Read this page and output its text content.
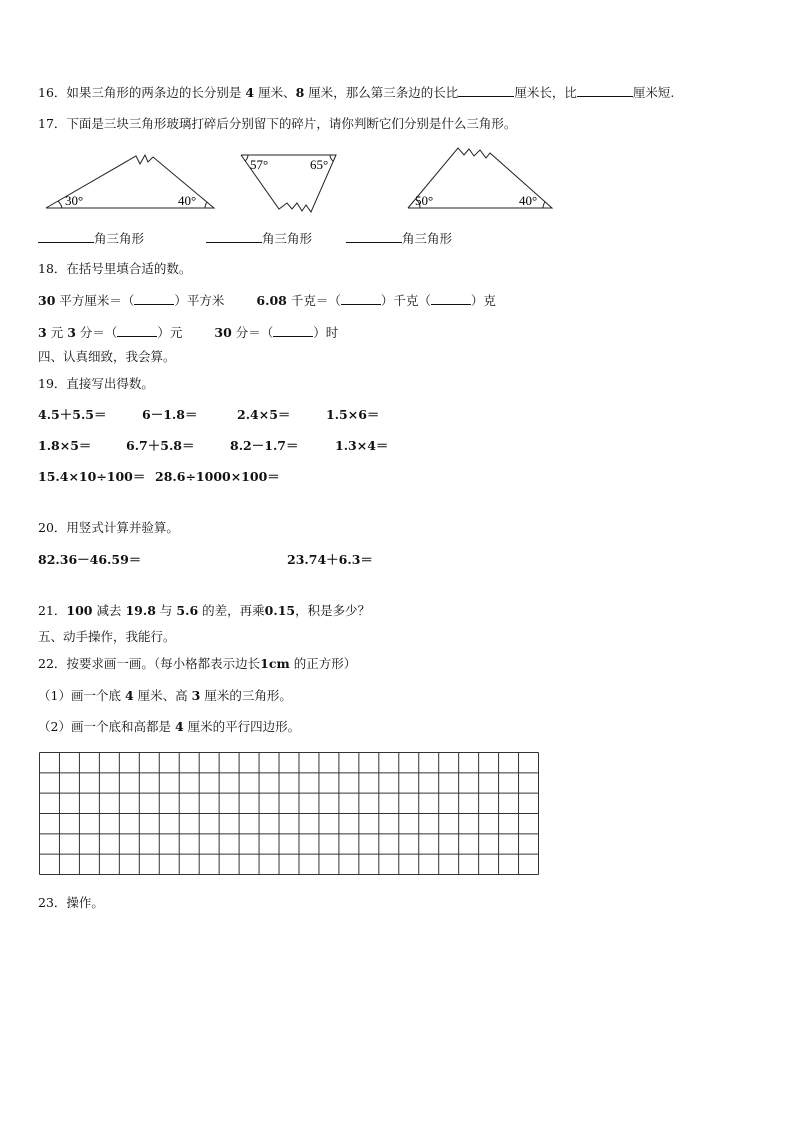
16．如果三角形的两条边的长分别是 4 厘米、8 厘米，那么第三条边的长比	厘米长，比	厘米短.
17．下面是三块三角形玻璃打碎后分别留下的碎片，请你判断它们分别是什么三角形。
30°	40°
57°	65°
50°	40°
角三角形	角三角形	角三角形
18．在括号里填合适的数。
30 平方厘米＝（	）平方米	6.08 千克＝（	）千克（	）克
3 元 3 分＝（	）元	30 分＝（	）时
四、认真细致，我会算。
19．直接写出得数。
4.5＋5.5＝	6－1.8＝	2.4×5＝	1.5×6＝
1.8×5＝	6.7＋5.8＝	8.2－1.7＝	1.3×4＝
15.4×10÷100＝ 28.6÷1000×100＝
20．用竖式计算并验算。
82.36－46.59＝	23.74＋6.3＝
21．100 减去 19.8 与 5.6 的差，再乘0.15，积是多少？
五、动手操作，我能行。
22．按要求画一画。（每小格都表示边长1cm 的正方形）
（1）画一个底 4 厘米、高 3 厘米的三角形。
（2）画一个底和高都是 4 厘米的平行四边形。
23．操作。
